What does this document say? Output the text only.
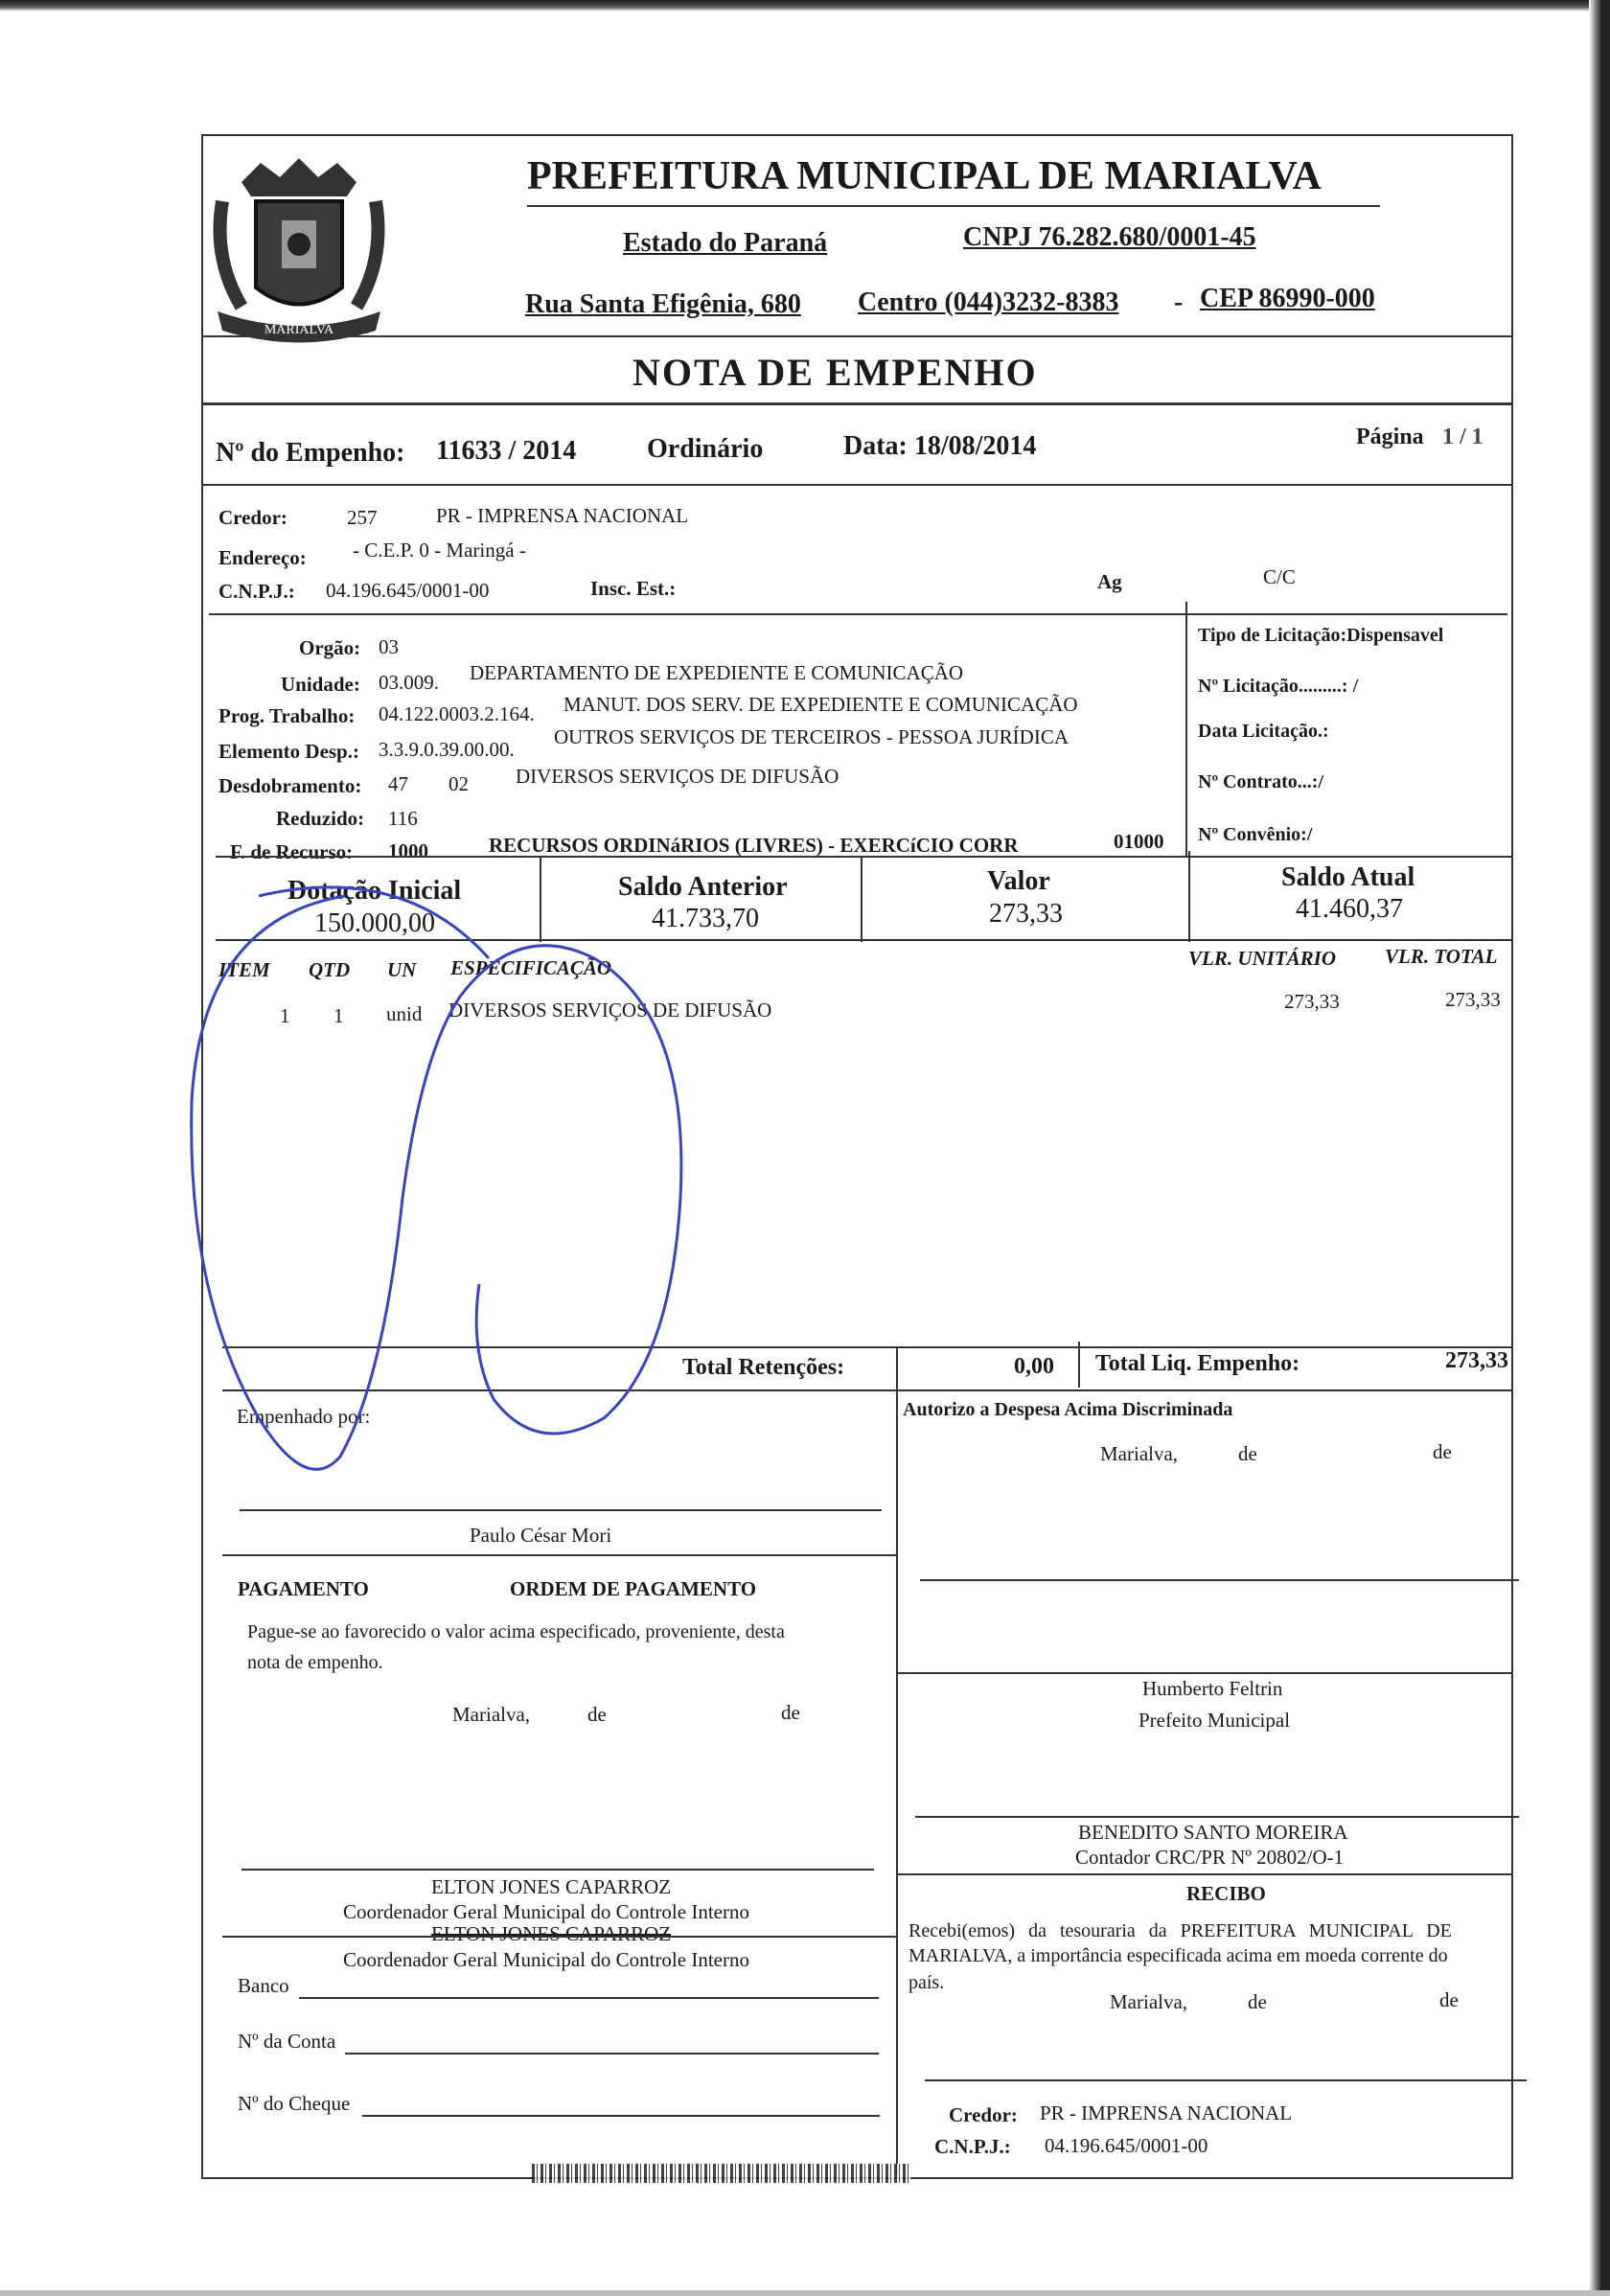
MARIALVA
PREFEITURA MUNICIPAL DE MARIALVA
Estado do Paraná	CNPJ 76.282.680/0001-45
Rua Santa Efigênia, 680 Centro (044)3232-8383 - CEP 86990-000
NOTA DE EMPENHO
Nº do Empenho: 11633 / 2014	Ordinário	Data: 18/08/2014	Página 1 / 1
Credor:	257	PR - IMPRENSA NACIONAL
Endereço: - C.E.P. 0 - Maringá -
C.N.P.J.: 04.196.645/0001-00	Insc. Est.:	Ag	C/C
Orgão: 03
Unidade: 03.009. DEPARTAMENTO DE EXPEDIENTE E COMUNICAÇÃO
Prog. Trabalho: 04.122.0003.2.164. MANUT. DOS SERV. DE EXPEDIENTE E COMUNICAÇÃO
Elemento Desp.: 3.3.9.0.39.00.00.
OUTROS SERVIÇOS DE TERCEIROS - PESSOA JURÍDICA
Desdobramento: 47 02 DIVERSOS SERVIÇOS DE DIFUSÃO
Reduzido: 116
F. de Recurso: 1000	RECURSOS ORDINáRIOS (LIVRES) - EXERCíCIO CORR	01000
Tipo de Licitação:Dispensavel
Nº Licitação.........: /
Data Licitação.:
Nº Contrato...:/
Nº Convênio:/
Dotação Inicial
150.000,00
Saldo Anterior
41.733,70
Valor
273,33
Saldo Atual
41.460,37
ITEM QTD UN ESPECIFICAÇÃO	VLR. UNITÁRIO VLR. TOTAL
1 1 unid DIVERSOS SERVIÇOS DE DIFUSÃO	273,33	273,33
Total Retenções:	0,00 Total Liq. Empenho:	273,33
Empenhado por:
Paulo César Mori
Autorizo a Despesa Acima Discriminada
Marialva,	de	de
Humberto Feltrin
Prefeito Municipal
BENEDITO SANTO MOREIRA
Contador CRC/PR Nº 20802/O-1
PAGAMENTO	ORDEM DE PAGAMENTO
Pague-se ao favorecido o valor acima especificado, proveniente, desta
nota de empenho.
Marialva,	de	de
ELTON JONES CAPARROZ
Coordenador Geral Municipal do Controle Interno
ELTON JONES CAPARROZ
Coordenador Geral Municipal do Controle Interno
Banco
Nº da Conta
Nº do Cheque
RECIBO
Recebi(emos) da tesouraria da PREFEITURA MUNICIPAL DE
MARIALVA, a importância especificada acima em moeda corrente do
país.
Marialva,	de	de
Credor: PR - IMPRENSA NACIONAL
C.N.P.J.: 04.196.645/0001-00
